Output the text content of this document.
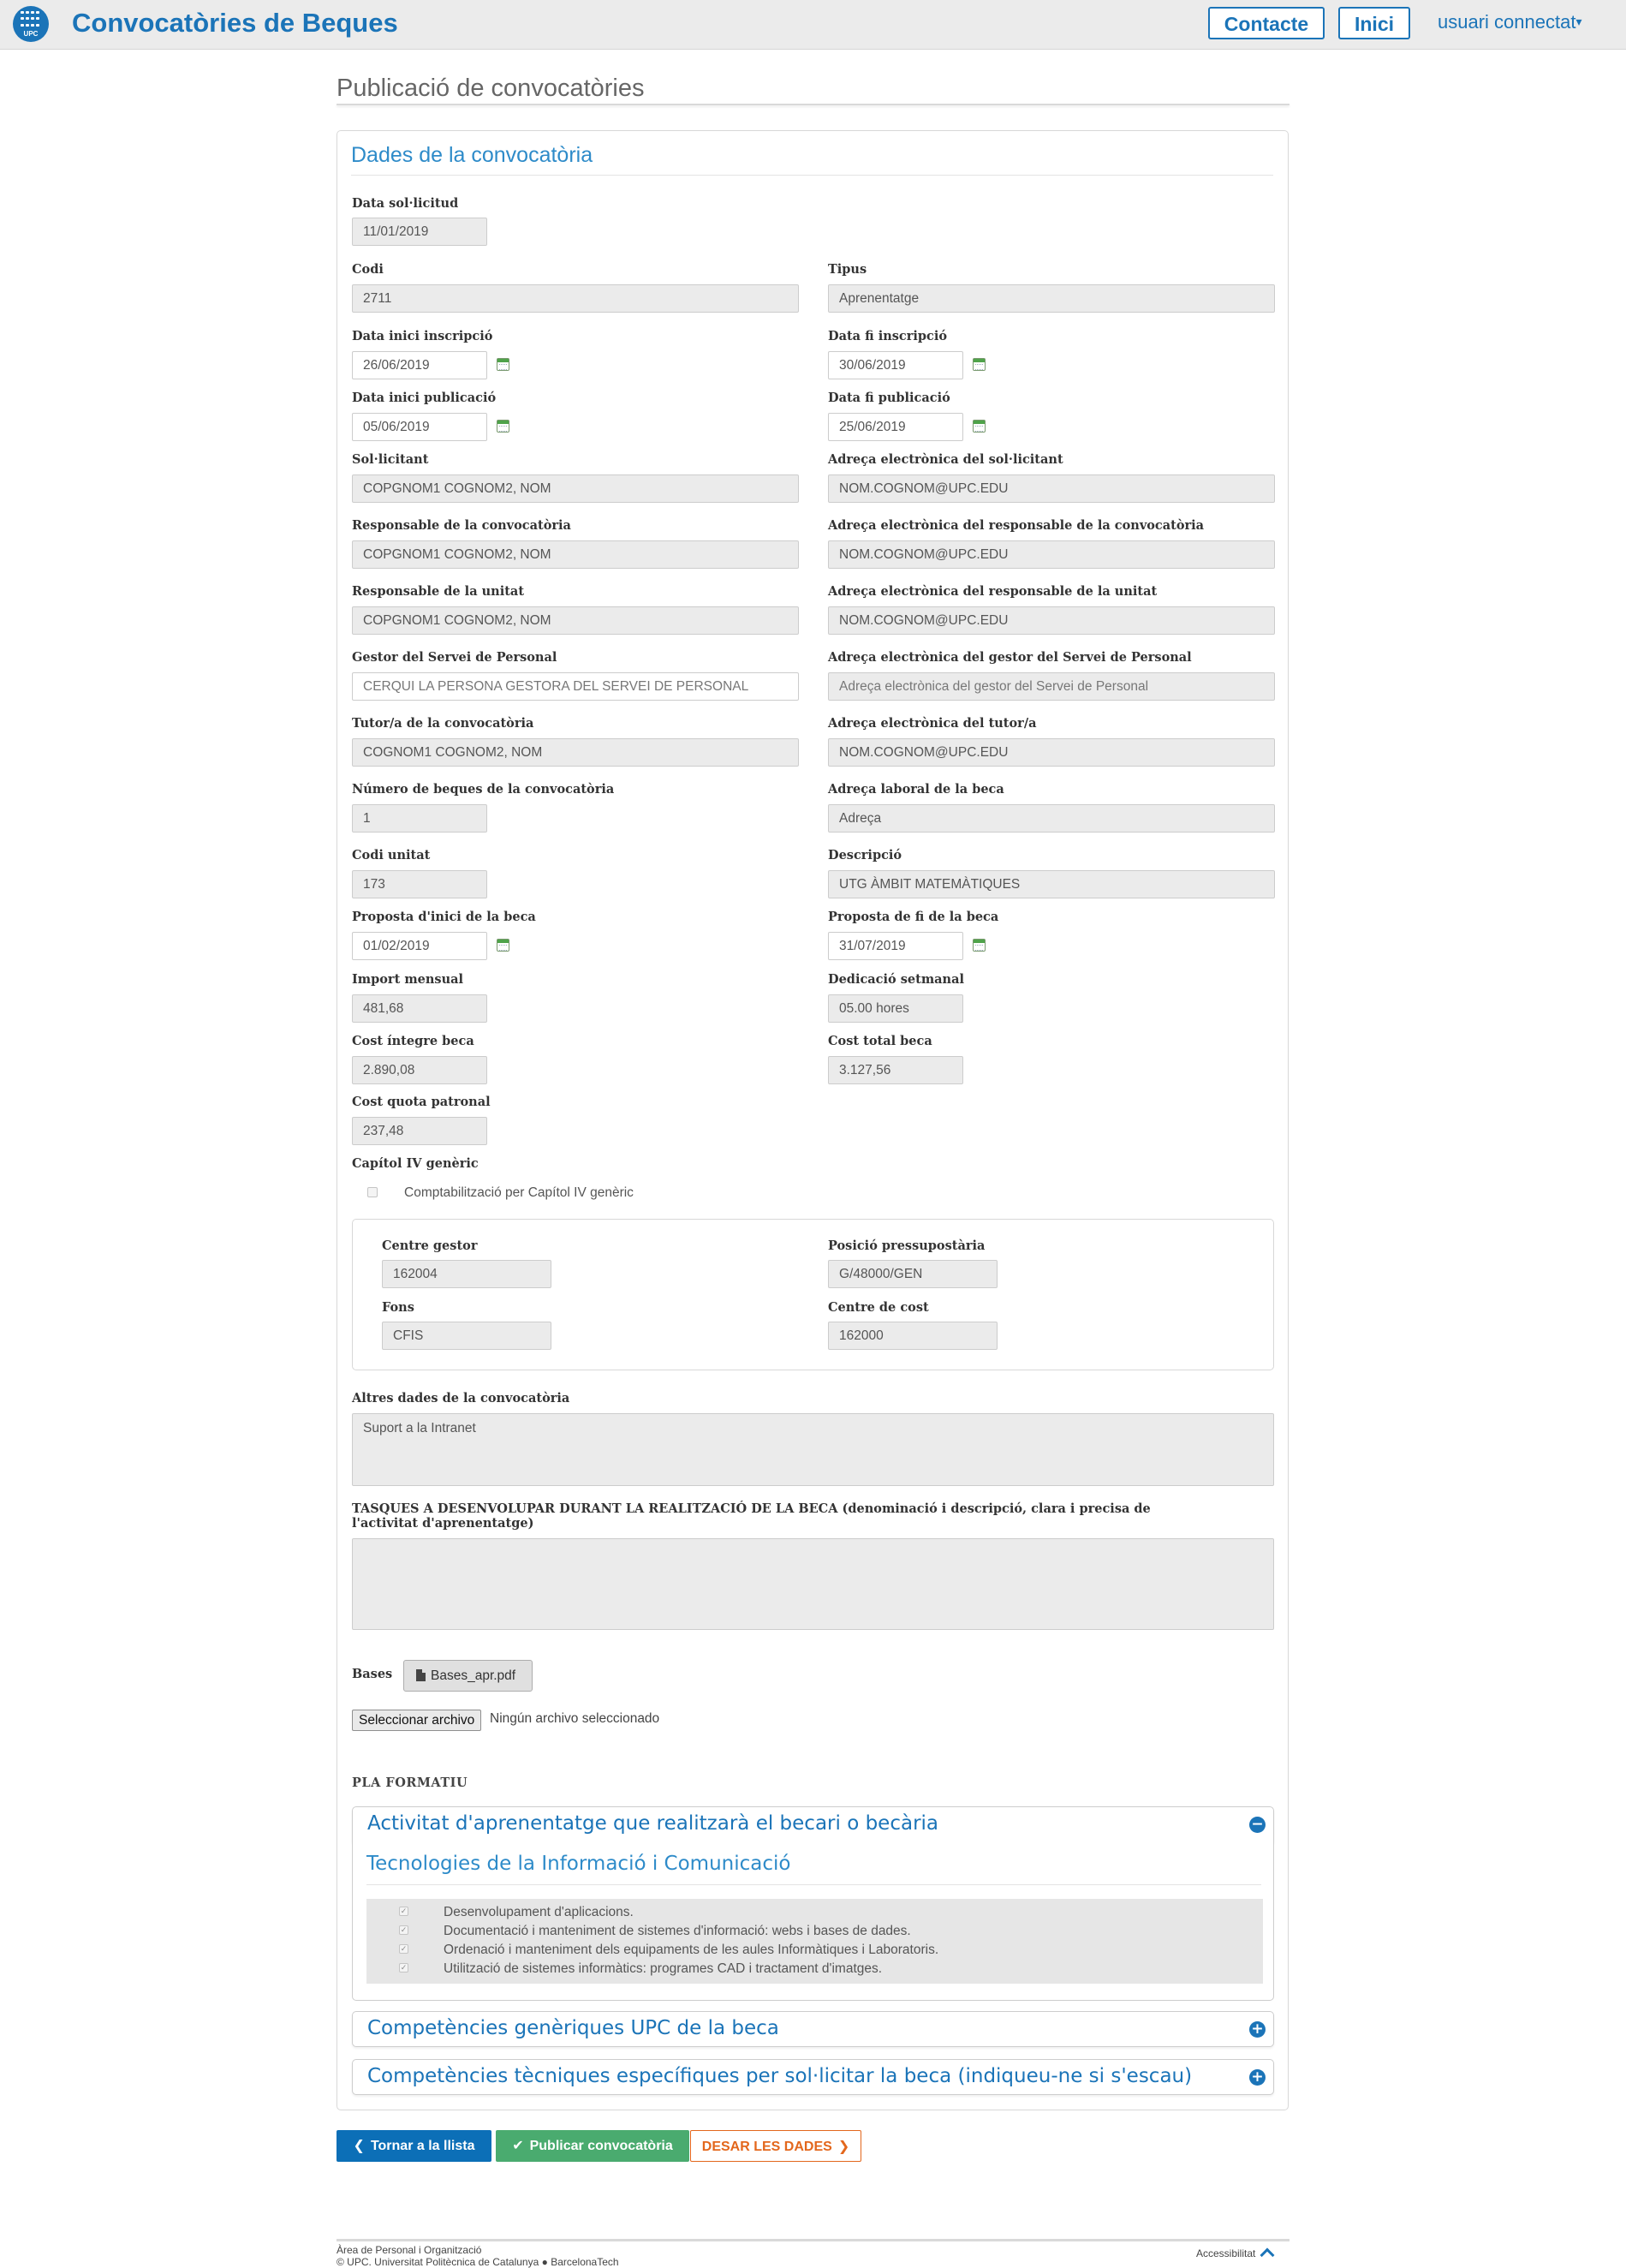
UPC	Convocatòries de Beques	Contacte	Inici	usuari connectat▾
Publicació de convocatòries
Dades de la convocatòria
Data sol·licitud
11/01/2019
Codi
2711
Tipus
Aprenentatge
Data inici inscripció
26/06/2019
Data fi inscripció
30/06/2019
Data inici publicació
05/06/2019
Data fi publicació
25/06/2019
Sol·licitant
COPGNOM1 COGNOM2, NOM
Adreça electrònica del sol·licitant
NOM.COGNOM@UPC.EDU
Responsable de la convocatòria
COPGNOM1 COGNOM2, NOM
Adreça electrònica del responsable de la convocatòria
NOM.COGNOM@UPC.EDU
Responsable de la unitat
COPGNOM1 COGNOM2, NOM
Adreça electrònica del responsable de la unitat
NOM.COGNOM@UPC.EDU
Gestor del Servei de Personal
CERQUI LA PERSONA GESTORA DEL SERVEI DE PERSONAL
Adreça electrònica del gestor del Servei de Personal
Adreça electrònica del gestor del Servei de Personal
Tutor/a de la convocatòria
COGNOM1 COGNOM2, NOM
Adreça electrònica del tutor/a
NOM.COGNOM@UPC.EDU
Número de beques de la convocatòria
1
Adreça laboral de la beca
Adreça
Codi unitat
173
Descripció
UTG ÀMBIT MATEMÀTIQUES
Proposta d'inici de la beca
01/02/2019
Proposta de fi de la beca
31/07/2019
Import mensual
481,68
Dedicació setmanal
05.00 hores
Cost íntegre beca
2.890,08
Cost total beca
3.127,56
Cost quota patronal
237,48
Capítol IV genèric
Comptabilització per Capítol IV genèric
Centre gestor
162004
Posició pressupostària
G/48000/GEN
Fons
CFIS
Centre de cost
162000
Altres dades de la convocatòria
Suport a la Intranet
TASQUES A DESENVOLUPAR DURANT LA REALITZACIÓ DE LA BECA (denominació i descripció, clara i precisa de l'activitat d'aprenentatge)
Bases	Bases_apr.pdf
Seleccionar archivo	Ningún archivo seleccionado
PLA FORMATIU
Activitat d'aprenentatge que realitzarà el becari o becària	−
Tecnologies de la Informació i Comunicació
✓	Desenvolupament d'aplicacions.
✓	Documentació i manteniment de sistemes d'informació: webs i bases de dades.
✓	Ordenació i manteniment dels equipaments de les aules Informàtiques i Laboratoris.
✓	Utilització de sistemes informàtics: programes CAD i tractament d'imatges.
Competències genèriques UPC de la beca	+
Competències tècniques específiques per sol·licitar la beca (indiqueu-ne si s'escau)	+
❮ Tornar a la llista	✔ Publicar convocatòria	DESAR LES DADES ❯
Àrea de Personal i Organització
© UPC. Universitat Politècnica de Catalunya ● BarcelonaTech
Accessibilitat
